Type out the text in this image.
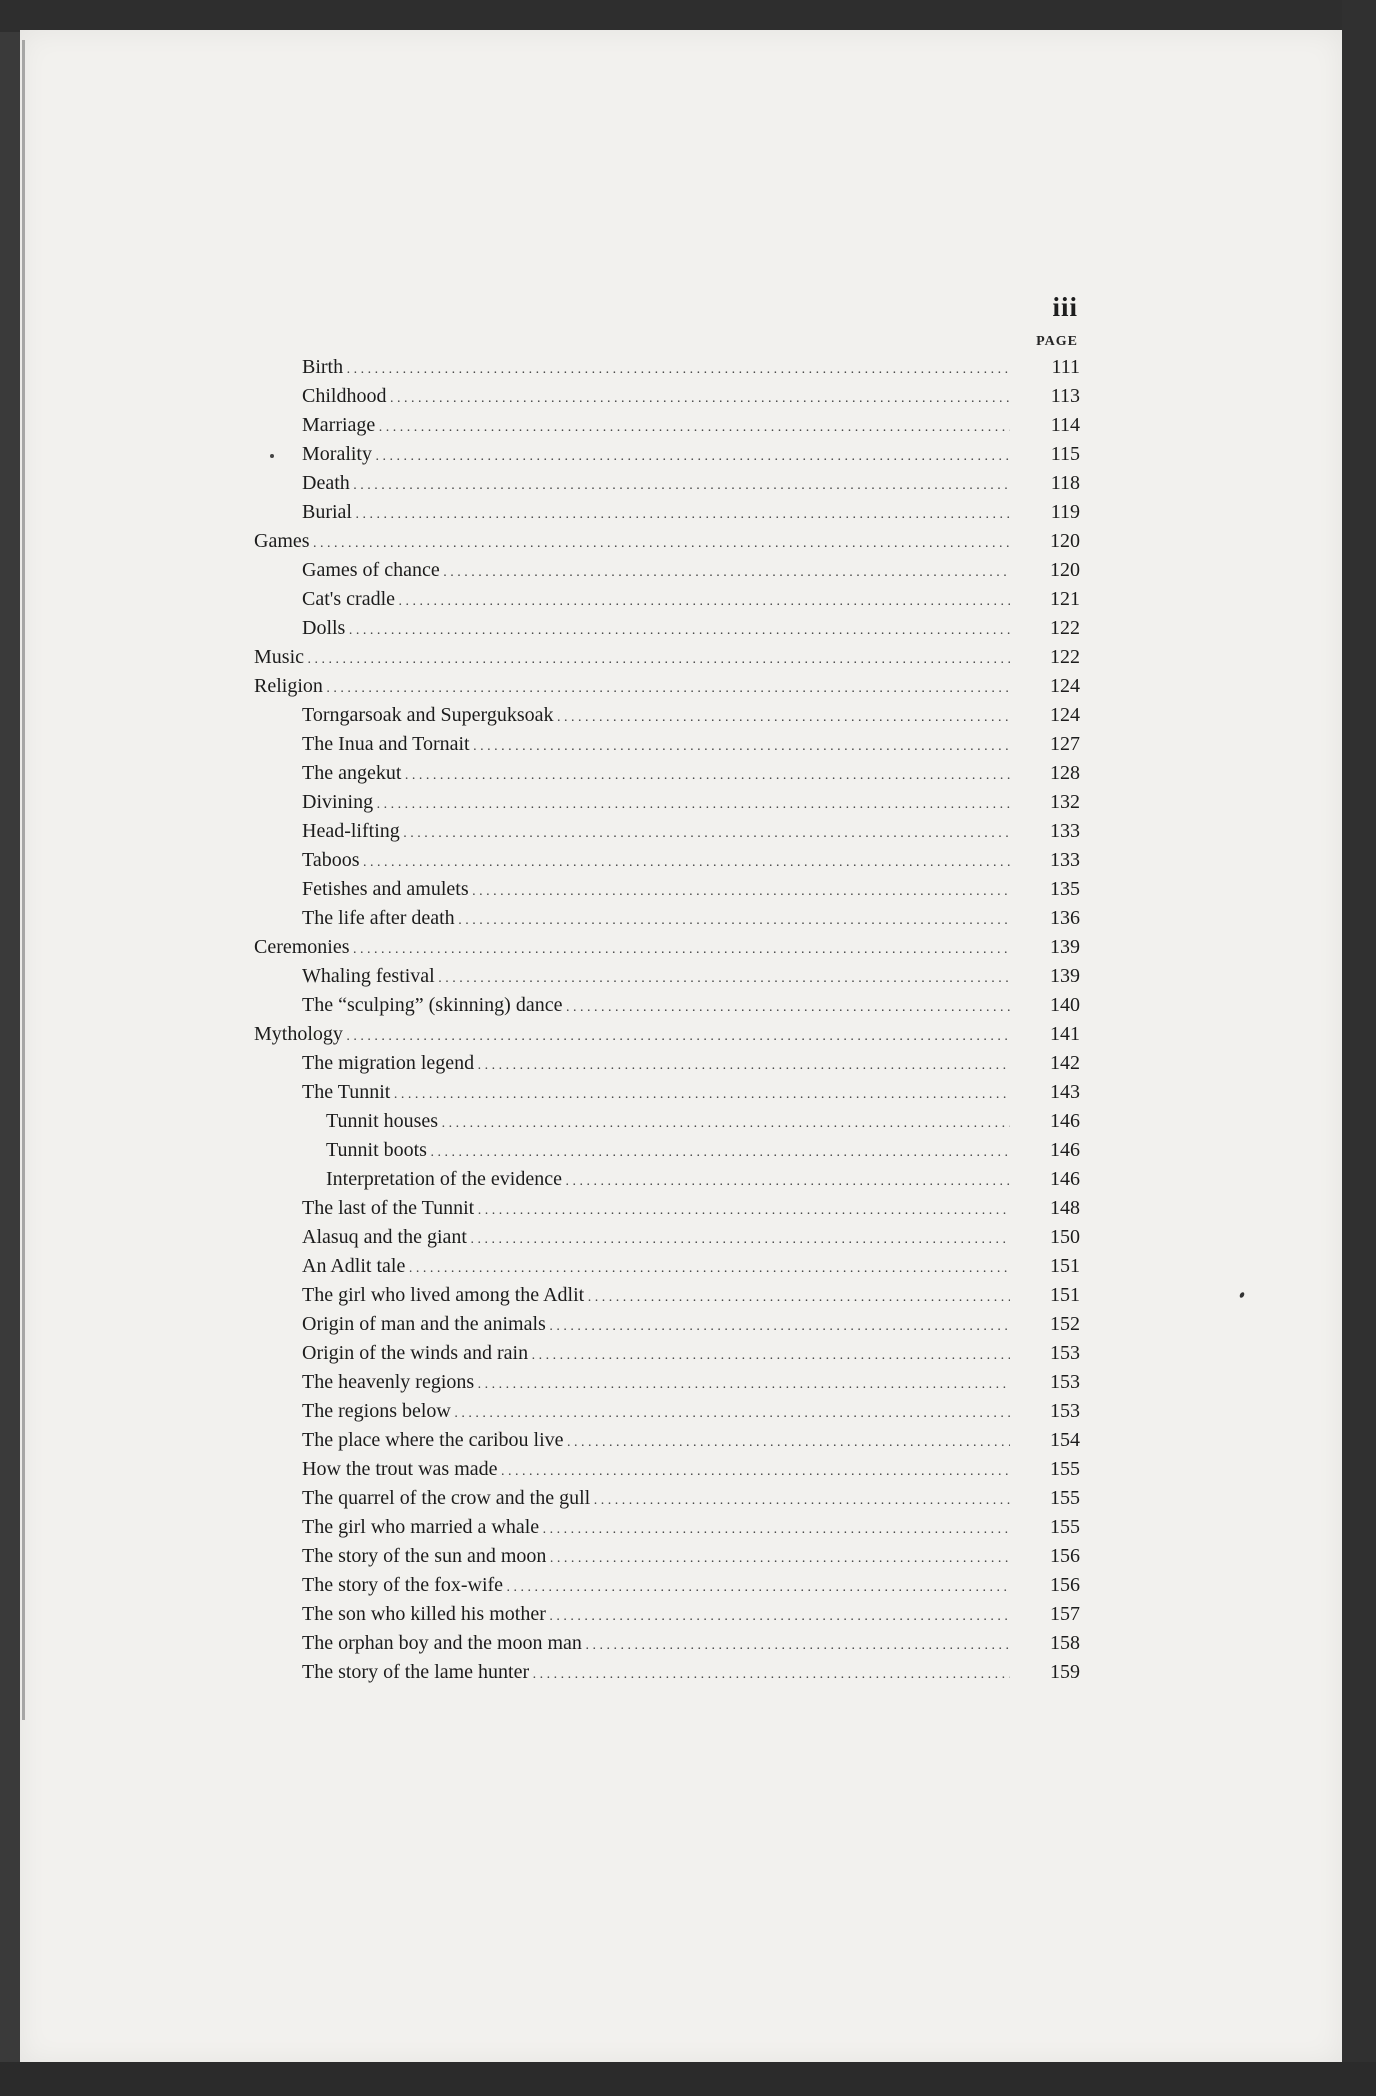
iii
PAGE
Birth . . .	111
Childhood . . .	113
Marriage . . .	114
Morality . . .	115
Death . . .	118
Burial . . .	119
Games . . .	120
Games of chance . . .	120
Cat's cradle . . .	121
Dolls . . .	122
Music . . .	122
Religion . . .	124
Torngarsoak and Superguksoak . . .	124
The Inua and Tornait . . .	127
The angekut . . .	128
Divining . . .	132
Head-lifting . . .	133
Taboos . . .	133
Fetishes and amulets . . .	135
The life after death . . .	136
Ceremonies . . .	139
Whaling festival . . .	139
The “sculping” (skinning) dance . . .	140
Mythology . . .	141
The migration legend . . .	142
The Tunnit . . .	143
Tunnit houses . . .	146
Tunnit boots . . .	146
Interpretation of the evidence . . .	146
The last of the Tunnit . . .	148
Alasuq and the giant . . .	150
An Adlit tale . . .	151
The girl who lived among the Adlit . . .	151
Origin of man and the animals . . .	152
Origin of the winds and rain . . .	153
The heavenly regions . . .	153
The regions below . . .	153
The place where the caribou live . . .	154
How the trout was made . . .	155
The quarrel of the crow and the gull . . .	155
The girl who married a whale . . .	155
The story of the sun and moon . . .	156
The story of the fox-wife . . .	156
The son who killed his mother . . .	157
The orphan boy and the moon man . . .	158
The story of the lame hunter . . .	159
